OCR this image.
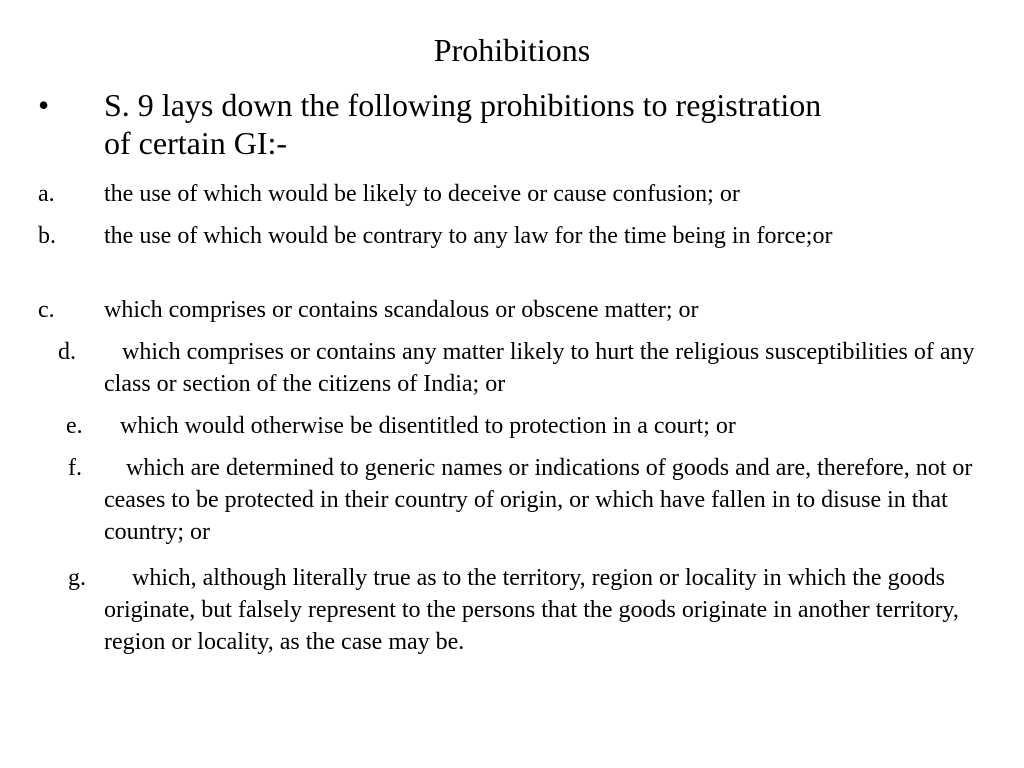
Prohibitions
• S. 9 lays down the following prohibitions to registration of certain GI:-
a. the use of which would be likely to deceive or cause confusion; or
b. the use of which would be contrary to any law for the time being in force;or
c. which comprises or contains scandalous or obscene matter; or
d.	which comprises or contains any matter likely to hurt the religious susceptibilities of any class or section of the citizens of India; or
e.	which would otherwise be disentitled to protection in a court; or
f.	which are determined to generic names or indications of goods and are, therefore, not or ceases to be protected in their country of origin, or which have fallen in to disuse in that country; or
g.	which, although literally true as to the territory, region or locality in which the goods originate, but falsely represent to the persons that the goods originate in another territory, region or locality, as the case may be.
